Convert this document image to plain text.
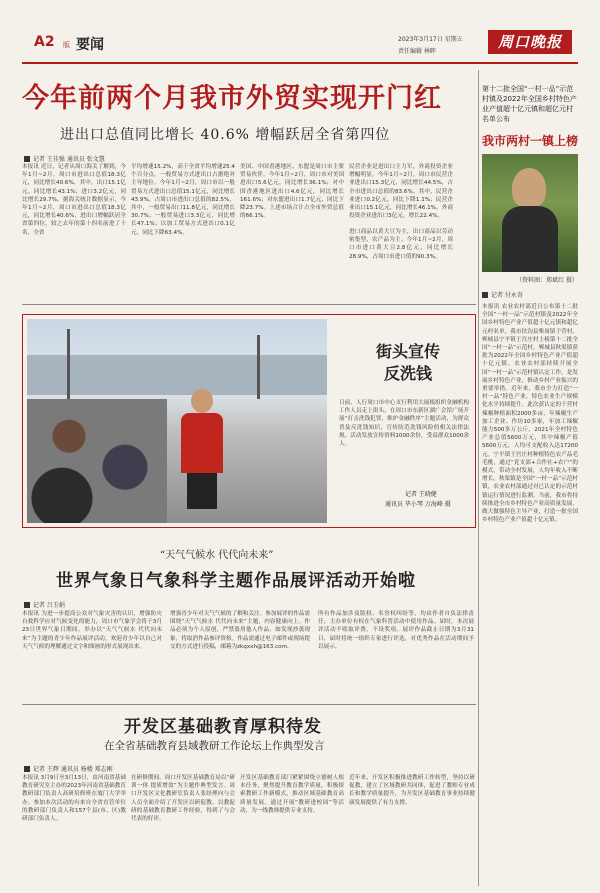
A2 版 要闻	2023年3月17日 星期五
责任编辑 林晖
周口晚报
今年前两个月我市外贸实现开门红
进出口总值同比增长 40.6% 增幅跃居全省第四位
记者 王佳强 通讯员 张文慧
本报讯 近日，记者从周口海关了解到，今年1月~2月，周口市进出口总值18.3亿元，同比增长40.6%，其中，出口15.1亿元，同比增长43.1%；进口3.2亿元，同比增长29.7%。据海关统计数据显示，今年1月~2月，周口市进出口总值18.3亿元，同比增长40.6%，进出口增幅跃居全省第四位，较之去年的第十四名前进了十名，全省
平均增速15.2%，高于全省平均增速25.4个百分点。一般贸易方式进出口占据绝对主导地位。今年1月~2月，周口市以一般贸易方式进出口总值15.1亿元，同比增长43.9%，占周口市进出口总值的82.5%，其中，一般贸易出口11.8亿元，同比增长30.7%；一般贸易进口3.3亿元，同比增长47.1%；以加工贸易方式进出口0.1亿元，同比下降63.4%。
美国、中国香港地区、东盟是周口市主要贸易伙伴。今年1月~2月，周口市对美国进出口5.6亿元，同比增长36.1%；对中国香港地区进出口4.6亿元，同比增长161.6%；对东盟进出口1.7亿元，同比下降23.7%。上述市场合计占全市外贸总值的66.1%。
民营企业是进出口主力军，外商投资企业增幅明显。今年1月~2月，周口市民营企业进出口15.3亿元，同比增长44.5%，占全市进出口总值的83.6%。其中，民营企业进口0.2亿元，同比下降1.1%；民营企业出口15.1亿元，同比增长46.1%。外商投资企业进出口3亿元，增长22.4%。
进口商品以黄大豆为主，出口商品以劳动密集型、农产品为主。今年1月~2月，周口市进口黄大豆2.8亿元，同比增长28.9%，占周口市进口值的90.3%。
第十二批全国“一村一品”示范村镇及2022年全国乡村特色产业产值超十亿元镇和超亿元村名单公布
我市两村一镇上榜
（资料图：郑斌红 摄）
记者 付永奇
本报讯 农业农村部近日公布第十二批全国“一村一品”示范村镇及2022年全国乡村特色产业产值超十亿元镇和超亿元村名单，我市扶沟县柴岗镇于营村、郸城县宁平镇王宫庄村上榜第十二批全国“一村一品”示范村，郸城县秋渠镇获批为2022年全国乡村特色产业产值超十亿元镇。农业农村部持续开展全国“一村一品”示范村镇认定工作，是发展乡村特色产业，推动乡村产业振兴的重要举措。近年来，我市全力打造“一村一品”特色产业，特色农业生产规模化水平持续提升。此次获认定的于营村辣椒种植面积2000多亩，年辣椒生产加工企业、作坊10多家，年加工辣椒能力500多万公斤，2021年全村特色产业总值5600万元，其中辣椒产值5600万元，人均可支配收入达17200元。宁平镇王宫庄村种植特色农产品毛毛桃，通过“党支部+合作社+农户”的模式，带动全村发展，人均年收入不断增长。秋渠镇是全国“一村一品”示范村镇，农业农村部通过对已认定的示范村镇运行情况进行监测。当前，我市将持续推进全市乡村特色产业高质量发展，做大做强特色主导产业，打造一批全国乡村特色产业产值超十亿元镇。
街头宣传
反洗钱
日前，人行周口市中心支行利用大展板组织金融机构工作人员走上街头，在周口市东新区湖广会馆广场开展“打击洗钱犯罪，维护金融秩序”主题活动，为群众普及反洗钱知识，宣传防范洗钱风险的相关法律法规。活动发放宣传资料1000余份，受益群众1000余人。
记者 王晓健
通讯员 毕小琴 万海峰 摄
“天气气候水 代代向未来”
世界气象日气象科学主题作品展评活动开始啦
记者 吕玉娟
本报讯 为进一步提高公众对气象灾害的认识，增强防灾自救科学应对气候变化的能力，周口市气象学会将于3月23日世界气象日期间，举办以“天气气候水 代代向未来”为主题的青少年作品展评活动，欢迎青少年以自己对天气气候的理解通过文字和图画的形式展现出来。
增强青少年对天气气候的了解和关注。参加展评的作品需围绕“天气气候水 代代向未来”主题，内容健康向上。作品必须为个人原创，严禁盗用他人作品。如发现抄袭现象，将取消作品参评资格。作品需通过电子邮件或现场提交的方式进行投稿，邮箱为zkqxxh@163.com。
所有作品加涉及版权、名誉权纠纷等，均由作者自负法律责任。主办单位有权在气象科普活动中使用作品。届时，本次展评活动不收取评费，不设奖项。展评作品截止日期为3月31日，届时将统一组织专家进行评选，对优秀作品在活动期间予以展示。
开发区基础教育厚积待发
在全省基础教育县域教研工作论坛上作典型发言
记者 王辉 通讯员 杨楼 郑志刚
本报讯 3月9日至3月13日，由河南省基础教育研究室主办的2023年河南省基础教育教研部门负责人高研培修班在厦门大学举办。参加本次活动的有来自全省直管单位的教研部门负责人和157个县(市、区)教研部门负责人。
在研修期间，周口开发区基础教育局以“研训一体 提质增效”为主题作典型发言。周口开发区文化教研室负责人张经理向与会人员全面介绍了开发区以研促教、以教促研的基础教育教研工作经验，得到了与会代表的好评。
开发区基础教育部门紧紧围绕立德树人根本任务，聚焦提升教育教学质量，积极探索教研工作新模式，推动区域基础教育高质量发展。通过开展“教研进校园”等活动，为一线教师提供专业支持。
近年来，开发区积极推进教研工作转型，坚持以研促教，建立了区域教研共同体，促进了教师专业成长和教学质量提升，为开发区基础教育事业持续健康发展提供了有力支撑。
